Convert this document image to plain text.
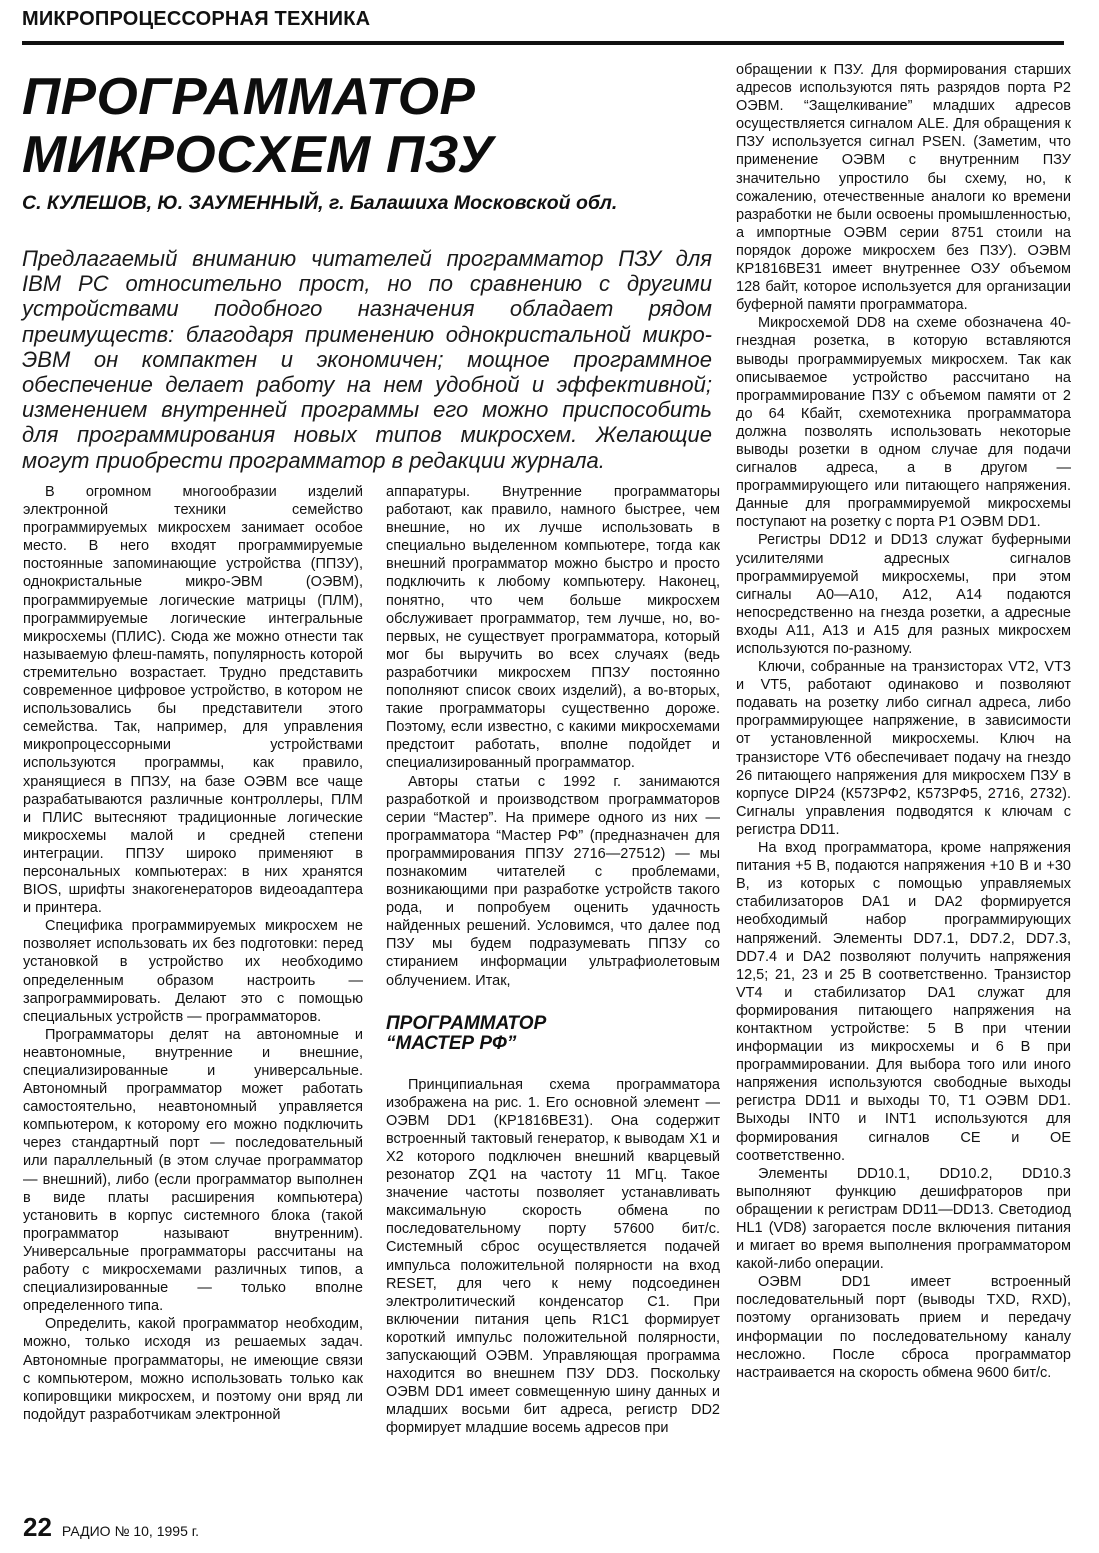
МИКРОПРОЦЕССОРНАЯ ТЕХНИКА
ПРОГРАММАТОР
МИКРОСХЕМ ПЗУ
С. КУЛЕШОВ, Ю. ЗАУМЕННЫЙ, г. Балашиха Московской обл.

Предлагаемый вниманию читателей программатор ПЗУ для IBM PC относительно прост, но по сравнению с другими устройствами подобного назначения обладает рядом преимуществ: благодаря применению однокристальной микро-ЭВМ он компактен и экономичен; мощное программное обеспечение делает работу на нем удобной и эффективной; изменением внутренней программы его можно приспособить для программирования новых типов микросхем. Желающие могут приобрести программатор в редакции журнала.

В огромном многообразии изделий электронной техники семейство программируемых микросхем занимает особое место. В него входят программируемые постоянные запоминающие устройства (ППЗУ), однокристальные микро-ЭВМ (ОЭВМ), программируемые логические матрицы (ПЛМ), программируемые логические интегральные микросхемы (ПЛИС). Сюда же можно отнести так называемую флеш-память, популярность которой стремительно возрастает. Трудно представить современное цифровое устройство, в котором не использовались бы представители этого семейства. Так, например, для управления микропроцессорными устройствами используются программы, как правило, хранящиеся в ППЗУ, на базе ОЭВМ все чаще разрабатываются различные контроллеры, ПЛМ и ПЛИС вытесняют традиционные логические микросхемы малой и средней степени интеграции. ППЗУ широко применяют в персональных компьютерах: в них хранятся BIOS, шрифты знакогенераторов видеоадаптера и принтера.

Специфика программируемых микросхем не позволяет использовать их без подготовки: перед установкой в устройство их необходимо определенным образом настроить — запрограммировать. Делают это с помощью специальных устройств — программаторов.

Программаторы делят на автономные и неавтономные, внутренние и внешние, специализированные и универсальные. Автономный программатор может работать самостоятельно, неавтономный управляется компьютером, к которому его можно подключить через стандартный порт — последовательный или параллельный (в этом случае программатор — внешний), либо (если программатор выполнен в виде платы расширения компьютера) установить в корпус системного блока (такой программатор называют внутренним). Универсальные программаторы рассчитаны на работу с микросхемами различных типов, а специализированные — только вполне определенного типа.

Определить, какой программатор необходим, можно, только исходя из решаемых задач. Автономные программаторы, не имеющие связи с компьютером, можно использовать только как копировщики микросхем, и поэтому они вряд ли подойдут разработчикам электронной

аппаратуры. Внутренние программаторы работают, как правило, намного быстрее, чем внешние, но их лучше использовать в специально выделенном компьютере, тогда как внешний программатор можно быстро и просто подключить к любому компьютеру. Наконец, понятно, что чем больше микросхем обслуживает программатор, тем лучше, но, во-первых, не существует программатора, который мог бы выручить во всех случаях (ведь разработчики микросхем ППЗУ постоянно пополняют список своих изделий), а во-вторых, такие программаторы существенно дороже. Поэтому, если известно, с какими микросхемами предстоит работать, вполне подойдет и специализированный программатор.

Авторы статьи с 1992 г. занимаются разработкой и производством программаторов серии “Мастер”. На примере одного из них — программатора “Мастер РФ” (предназначен для программирования ППЗУ 2716—27512) — мы познакомим читателей с проблемами, возникающими при разработке устройств такого рода, и попробуем оценить удачность найденных решений. Условимся, что далее под ПЗУ мы будем подразумевать ППЗУ со стиранием информации ультрафиолетовым облучением. Итак,

ПРОГРАММАТОР
“МАСТЕР РФ”

Принципиальная схема программатора изображена на рис. 1. Его основной элемент — ОЭВМ DD1 (КР1816ВЕ31). Она содержит встроенный тактовый генератор, к выводам X1 и X2 которого подключен внешний кварцевый резонатор ZQ1 на частоту 11 МГц. Такое значение частоты позволяет устанавливать максимальную скорость обмена по последовательному порту 57600 бит/с. Системный сброс осуществляется подачей импульса положительной полярности на вход RESET, для чего к нему подсоединен электролитический конденсатор C1. При включении питания цепь R1C1 формирует короткий импульс положительной полярности, запускающий ОЭВМ. Управляющая программа находится во внешнем ПЗУ DD3. Поскольку ОЭВМ DD1 имеет совмещенную шину данных и младших восьми бит адреса, регистр DD2 формирует младшие восемь адресов при

обращении к ПЗУ. Для формирования старших адресов используются пять разрядов порта P2 ОЭВМ. “Защелкивание” младших адресов осуществляется сигналом ALE. Для обращения к ПЗУ используется сигнал PSEN. (Заметим, что применение ОЭВМ с внутренним ПЗУ значительно упростило бы схему, но, к сожалению, отечественные аналоги ко времени разработки не были освоены промышленностью, а импортные ОЭВМ серии 8751 стоили на порядок дороже микросхем без ПЗУ). ОЭВМ КР1816ВЕ31 имеет внутреннее ОЗУ объемом 128 байт, которое используется для организации буферной памяти программатора.

Микросхемой DD8 на схеме обозначена 40-гнездная розетка, в которую вставляются выводы программируемых микросхем. Так как описываемое устройство рассчитано на программирование ПЗУ с объемом памяти от 2 до 64 Кбайт, схемотехника программатора должна позволять использовать некоторые выводы розетки в одном случае для подачи сигналов адреса, а в другом — программирующего или питающего напряжения. Данные для программируемой микросхемы поступают на розетку с порта P1 ОЭВМ DD1.

Регистры DD12 и DD13 служат буферными усилителями адресных сигналов программируемой микросхемы, при этом сигналы A0—A10, A12, A14 подаются непосредственно на гнезда розетки, а адресные входы A11, A13 и A15 для разных микросхем используются по-разному.

Ключи, собранные на транзисторах VT2, VT3 и VT5, работают одинаково и позволяют подавать на розетку либо сигнал адреса, либо программирующее напряжение, в зависимости от установленной микросхемы. Ключ на транзисторе VT6 обеспечивает подачу на гнездо 26 питающего напряжения для микросхем ПЗУ в корпусе DIP24 (К573РФ2, К573РФ5, 2716, 2732). Сигналы управления подводятся к ключам с регистра DD11.

На вход программатора, кроме напряжения питания +5 В, подаются напряжения +10 В и +30 В, из которых с помощью управляемых стабилизаторов DA1 и DA2 формируется необходимый набор программирующих напряжений. Элементы DD7.1, DD7.2, DD7.3, DD7.4 и DA2 позволяют получить напряжения 12,5; 21, 23 и 25 В соответственно. Транзистор VT4 и стабилизатор DA1 служат для формирования питающего напряжения на контактном устройстве: 5 В при чтении информации из микросхемы и 6 В при программировании. Для выбора того или иного напряжения используются свободные выходы регистра DD11 и выходы T0, T1 ОЭВМ DD1. Выходы INT0 и INT1 используются для формирования сигналов CE и OE соответственно.

Элементы DD10.1, DD10.2, DD10.3 выполняют функцию дешифраторов при обращении к регистрам DD11—DD13. Светодиод HL1 (VD8) загорается после включения питания и мигает во время выполнения программатором какой-либо операции.

ОЭВМ DD1 имеет встроенный последовательный порт (выводы TXD, RXD), поэтому организовать прием и передачу информации по последовательному каналу несложно. После сброса программатор настраивается на скорость обмена 9600 бит/с.

22 РАДИО № 10, 1995 г.
